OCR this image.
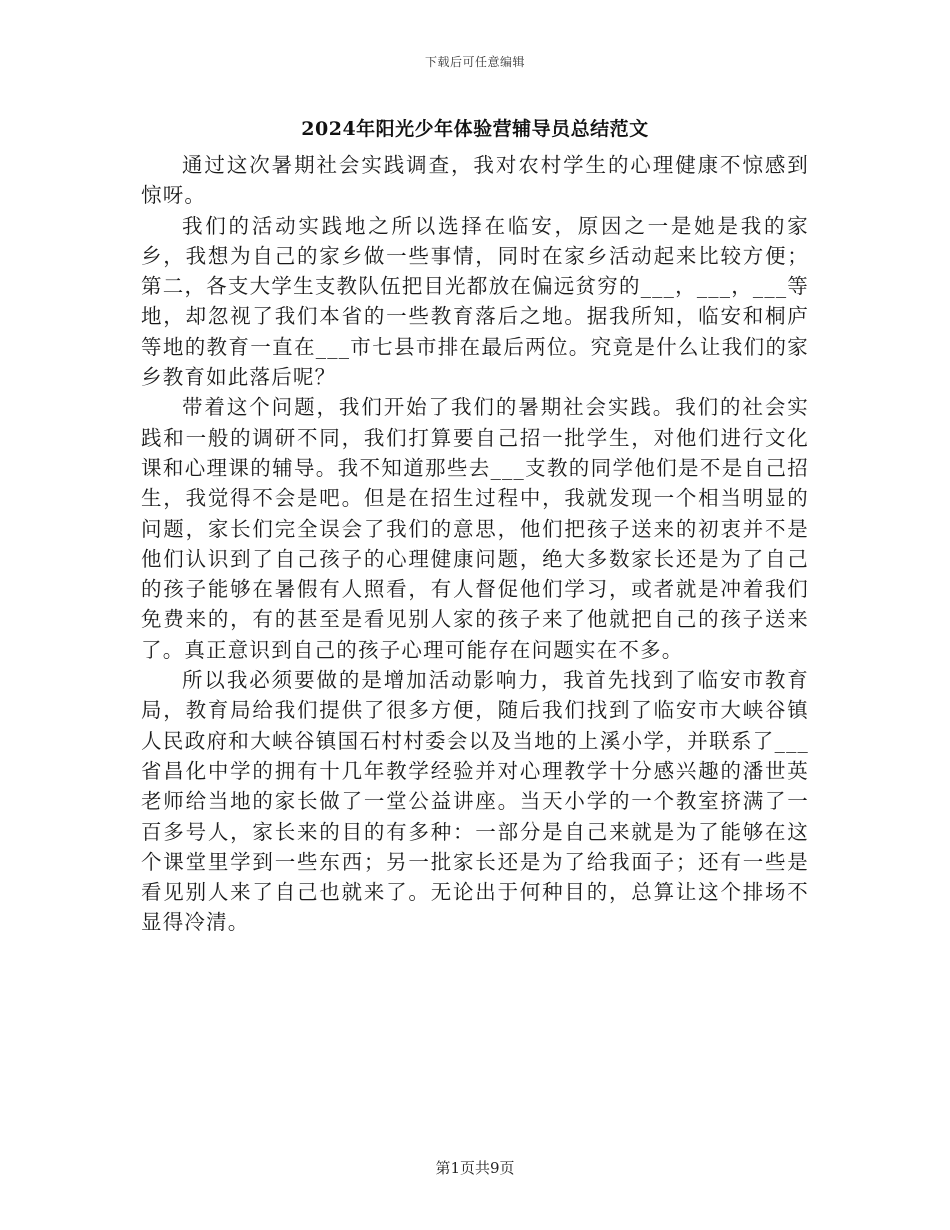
下载后可任意编辑
2024年阳光少年体验营辅导员总结范文

通过这次暑期社会实践调查，我对农村学生的心理健康不惊感到惊呀。

我们的活动实践地之所以选择在临安，原因之一是她是我的家乡，我想为自己的家乡做一些事情，同时在家乡活动起来比较方便；第二，各支大学生支教队伍把目光都放在偏远贫穷的___，___，___等地，却忽视了我们本省的一些教育落后之地。据我所知，临安和桐庐等地的教育一直在___市七县市排在最后两位。究竟是什么让我们的家乡教育如此落后呢？

带着这个问题，我们开始了我们的暑期社会实践。我们的社会实践和一般的调研不同，我们打算要自己招一批学生，对他们进行文化课和心理课的辅导。我不知道那些去___支教的同学他们是不是自己招生，我觉得不会是吧。但是在招生过程中，我就发现一个相当明显的问题，家长们完全误会了我们的意思，他们把孩子送来的初衷并不是他们认识到了自己孩子的心理健康问题，绝大多数家长还是为了自己的孩子能够在暑假有人照看，有人督促他们学习，或者就是冲着我们免费来的，有的甚至是看见别人家的孩子来了他就把自己的孩子送来了。真正意识到自己的孩子心理可能存在问题实在不多。

所以我必须要做的是增加活动影响力，我首先找到了临安市教育局，教育局给我们提供了很多方便，随后我们找到了临安市大峡谷镇人民政府和大峡谷镇国石村村委会以及当地的上溪小学，并联系了___省昌化中学的拥有十几年教学经验并对心理教学十分感兴趣的潘世英老师给当地的家长做了一堂公益讲座。当天小学的一个教室挤满了一百多号人，家长来的目的有多种：一部分是自己来就是为了能够在这个课堂里学到一些东西；另一批家长还是为了给我面子；还有一些是看见别人来了自己也就来了。无论出于何种目的，总算让这个排场不显得冷清。

第1页共9页
